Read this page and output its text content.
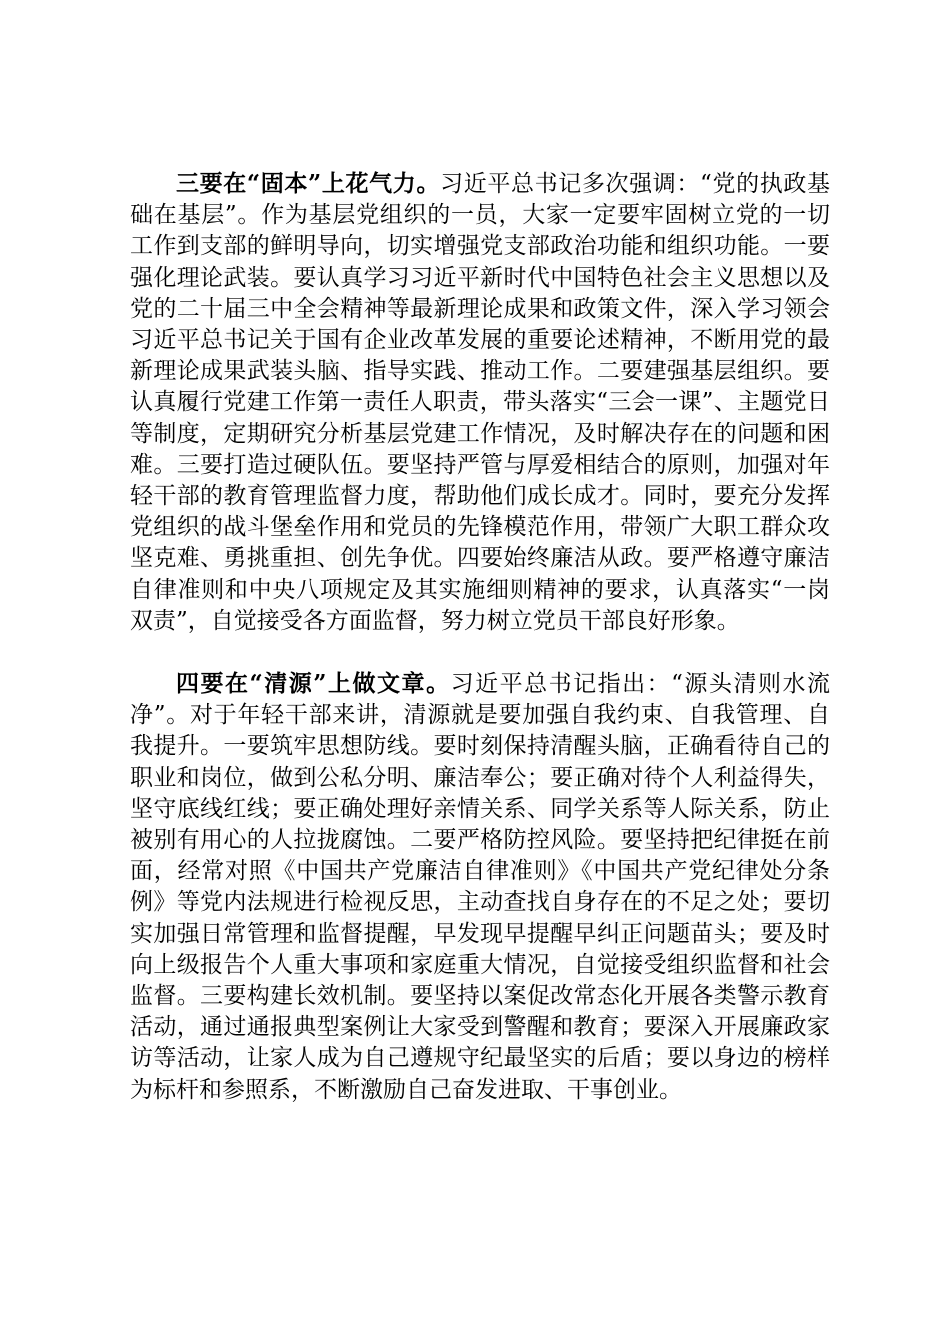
三要在“固本”上花气力。习近平总书记多次强调：“党的执政基础在基层”。作为基层党组织的一员，大家一定要牢固树立党的一切工作到支部的鲜明导向，切实增强党支部政治功能和组织功能。一要强化理论武装。要认真学习习近平新时代中国特色社会主义思想以及党的二十届三中全会精神等最新理论成果和政策文件，深入学习领会习近平总书记关于国有企业改革发展的重要论述精神，不断用党的最新理论成果武装头脑、指导实践、推动工作。二要建强基层组织。要认真履行党建工作第一责任人职责，带头落实“三会一课”、主题党日等制度，定期研究分析基层党建工作情况，及时解决存在的问题和困难。三要打造过硬队伍。要坚持严管与厚爱相结合的原则，加强对年轻干部的教育管理监督力度，帮助他们成长成才。同时，要充分发挥党组织的战斗堡垒作用和党员的先锋模范作用，带领广大职工群众攻坚克难、勇挑重担、创先争优。四要始终廉洁从政。要严格遵守廉洁自律准则和中央八项规定及其实施细则精神的要求，认真落实“一岗双责”，自觉接受各方面监督，努力树立党员干部良好形象。

四要在“清源”上做文章。习近平总书记指出：“源头清则水流净”。对于年轻干部来讲，清源就是要加强自我约束、自我管理、自我提升。一要筑牢思想防线。要时刻保持清醒头脑，正确看待自己的职业和岗位，做到公私分明、廉洁奉公；要正确对待个人利益得失，坚守底线红线；要正确处理好亲情关系、同学关系等人际关系，防止被别有用心的人拉拢腐蚀。二要严格防控风险。要坚持把纪律挺在前面，经常对照《中国共产党廉洁自律准则》《中国共产党纪律处分条例》等党内法规进行检视反思，主动查找自身存在的不足之处；要切实加强日常管理和监督提醒，早发现早提醒早纠正问题苗头；要及时向上级报告个人重大事项和家庭重大情况，自觉接受组织监督和社会监督。三要构建长效机制。要坚持以案促改常态化开展各类警示教育活动，通过通报典型案例让大家受到警醒和教育；要深入开展廉政家访等活动，让家人成为自己遵规守纪最坚实的后盾；要以身边的榜样为标杆和参照系，不断激励自己奋发进取、干事创业。
